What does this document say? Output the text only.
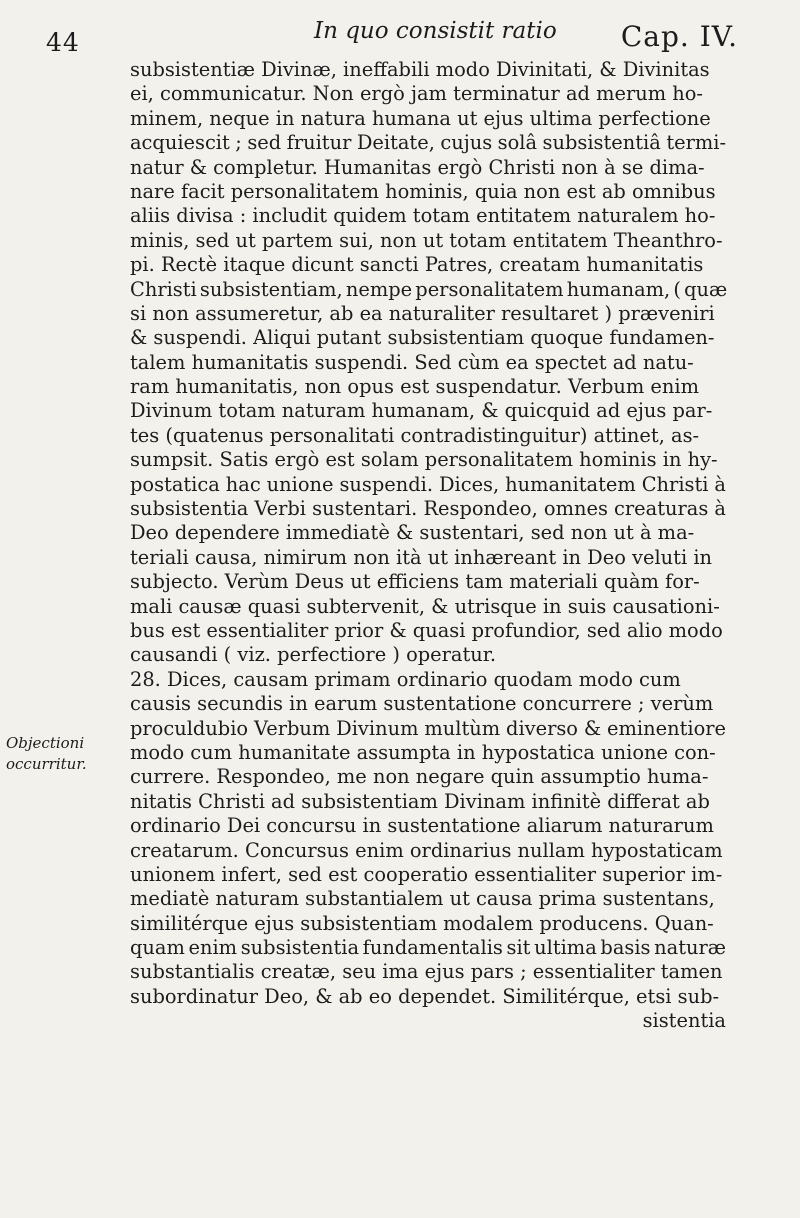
44	In quo consistit ratio Cap. IV.
Objectioni
occurritur.
subsistentiæ Divinæ, ineffabili modo Divinitati, & Divinitas
ei, communicatur. Non ergò jam terminatur ad merum ho-
minem, neque in natura humana ut ejus ultima perfectione
acquiescit ; sed fruitur Deitate, cujus solâ subsistentiâ termi-
natur & completur. Humanitas ergò Christi non à se dima-
nare facit personalitatem hominis, quia non est ab omnibus
aliis divisa : includit quidem totam entitatem naturalem ho-
minis, sed ut partem sui, non ut totam entitatem Theanthro-
pi. Rectè itaque dicunt sancti Patres, creatam humanitatis
Christi subsistentiam, nempe personalitatem humanam, ( quæ
si non assumeretur, ab ea naturaliter resultaret ) præveniri
& suspendi. Aliqui putant subsistentiam quoque fundamen-
talem humanitatis suspendi. Sed cùm ea spectet ad natu-
ram humanitatis, non opus est suspendatur. Verbum enim
Divinum totam naturam humanam, & quicquid ad ejus par-
tes (quatenus personalitati contradistinguitur) attinet, as-
sumpsit. Satis ergò est solam personalitatem hominis in hy-
postatica hac unione suspendi. Dices, humanitatem Christi à
subsistentia Verbi sustentari. Respondeo, omnes creaturas à
Deo dependere immediatè & sustentari, sed non ut à ma-
teriali causa, nimirum non ità ut inhæreant in Deo veluti in
subjecto. Verùm Deus ut efficiens tam materiali quàm for-
mali causæ quasi subtervenit, & utrisque in suis causationi-
bus est essentialiter prior & quasi profundior, sed alio modo
causandi ( viz. perfectiore ) operatur.
28. Dices, causam primam ordinario quodam modo cum
causis secundis in earum sustentatione concurrere ; verùm
proculdubio Verbum Divinum multùm diverso & eminentiore
modo cum humanitate assumpta in hypostatica unione con-
currere. Respondeo, me non negare quin assumptio huma-
nitatis Christi ad subsistentiam Divinam infinitè differat ab
ordinario Dei concursu in sustentatione aliarum naturarum
creatarum. Concursus enim ordinarius nullam hypostaticam
unionem infert, sed est cooperatio essentialiter superior im-
mediatè naturam substantialem ut causa prima sustentans,
similitérque ejus subsistentiam modalem producens. Quan-
quam enim subsistentia fundamentalis sit ultima basis naturæ
substantialis creatæ, seu ima ejus pars ; essentialiter tamen
subordinatur Deo, & ab eo dependet. Similitérque, etsi sub-
sistentia
